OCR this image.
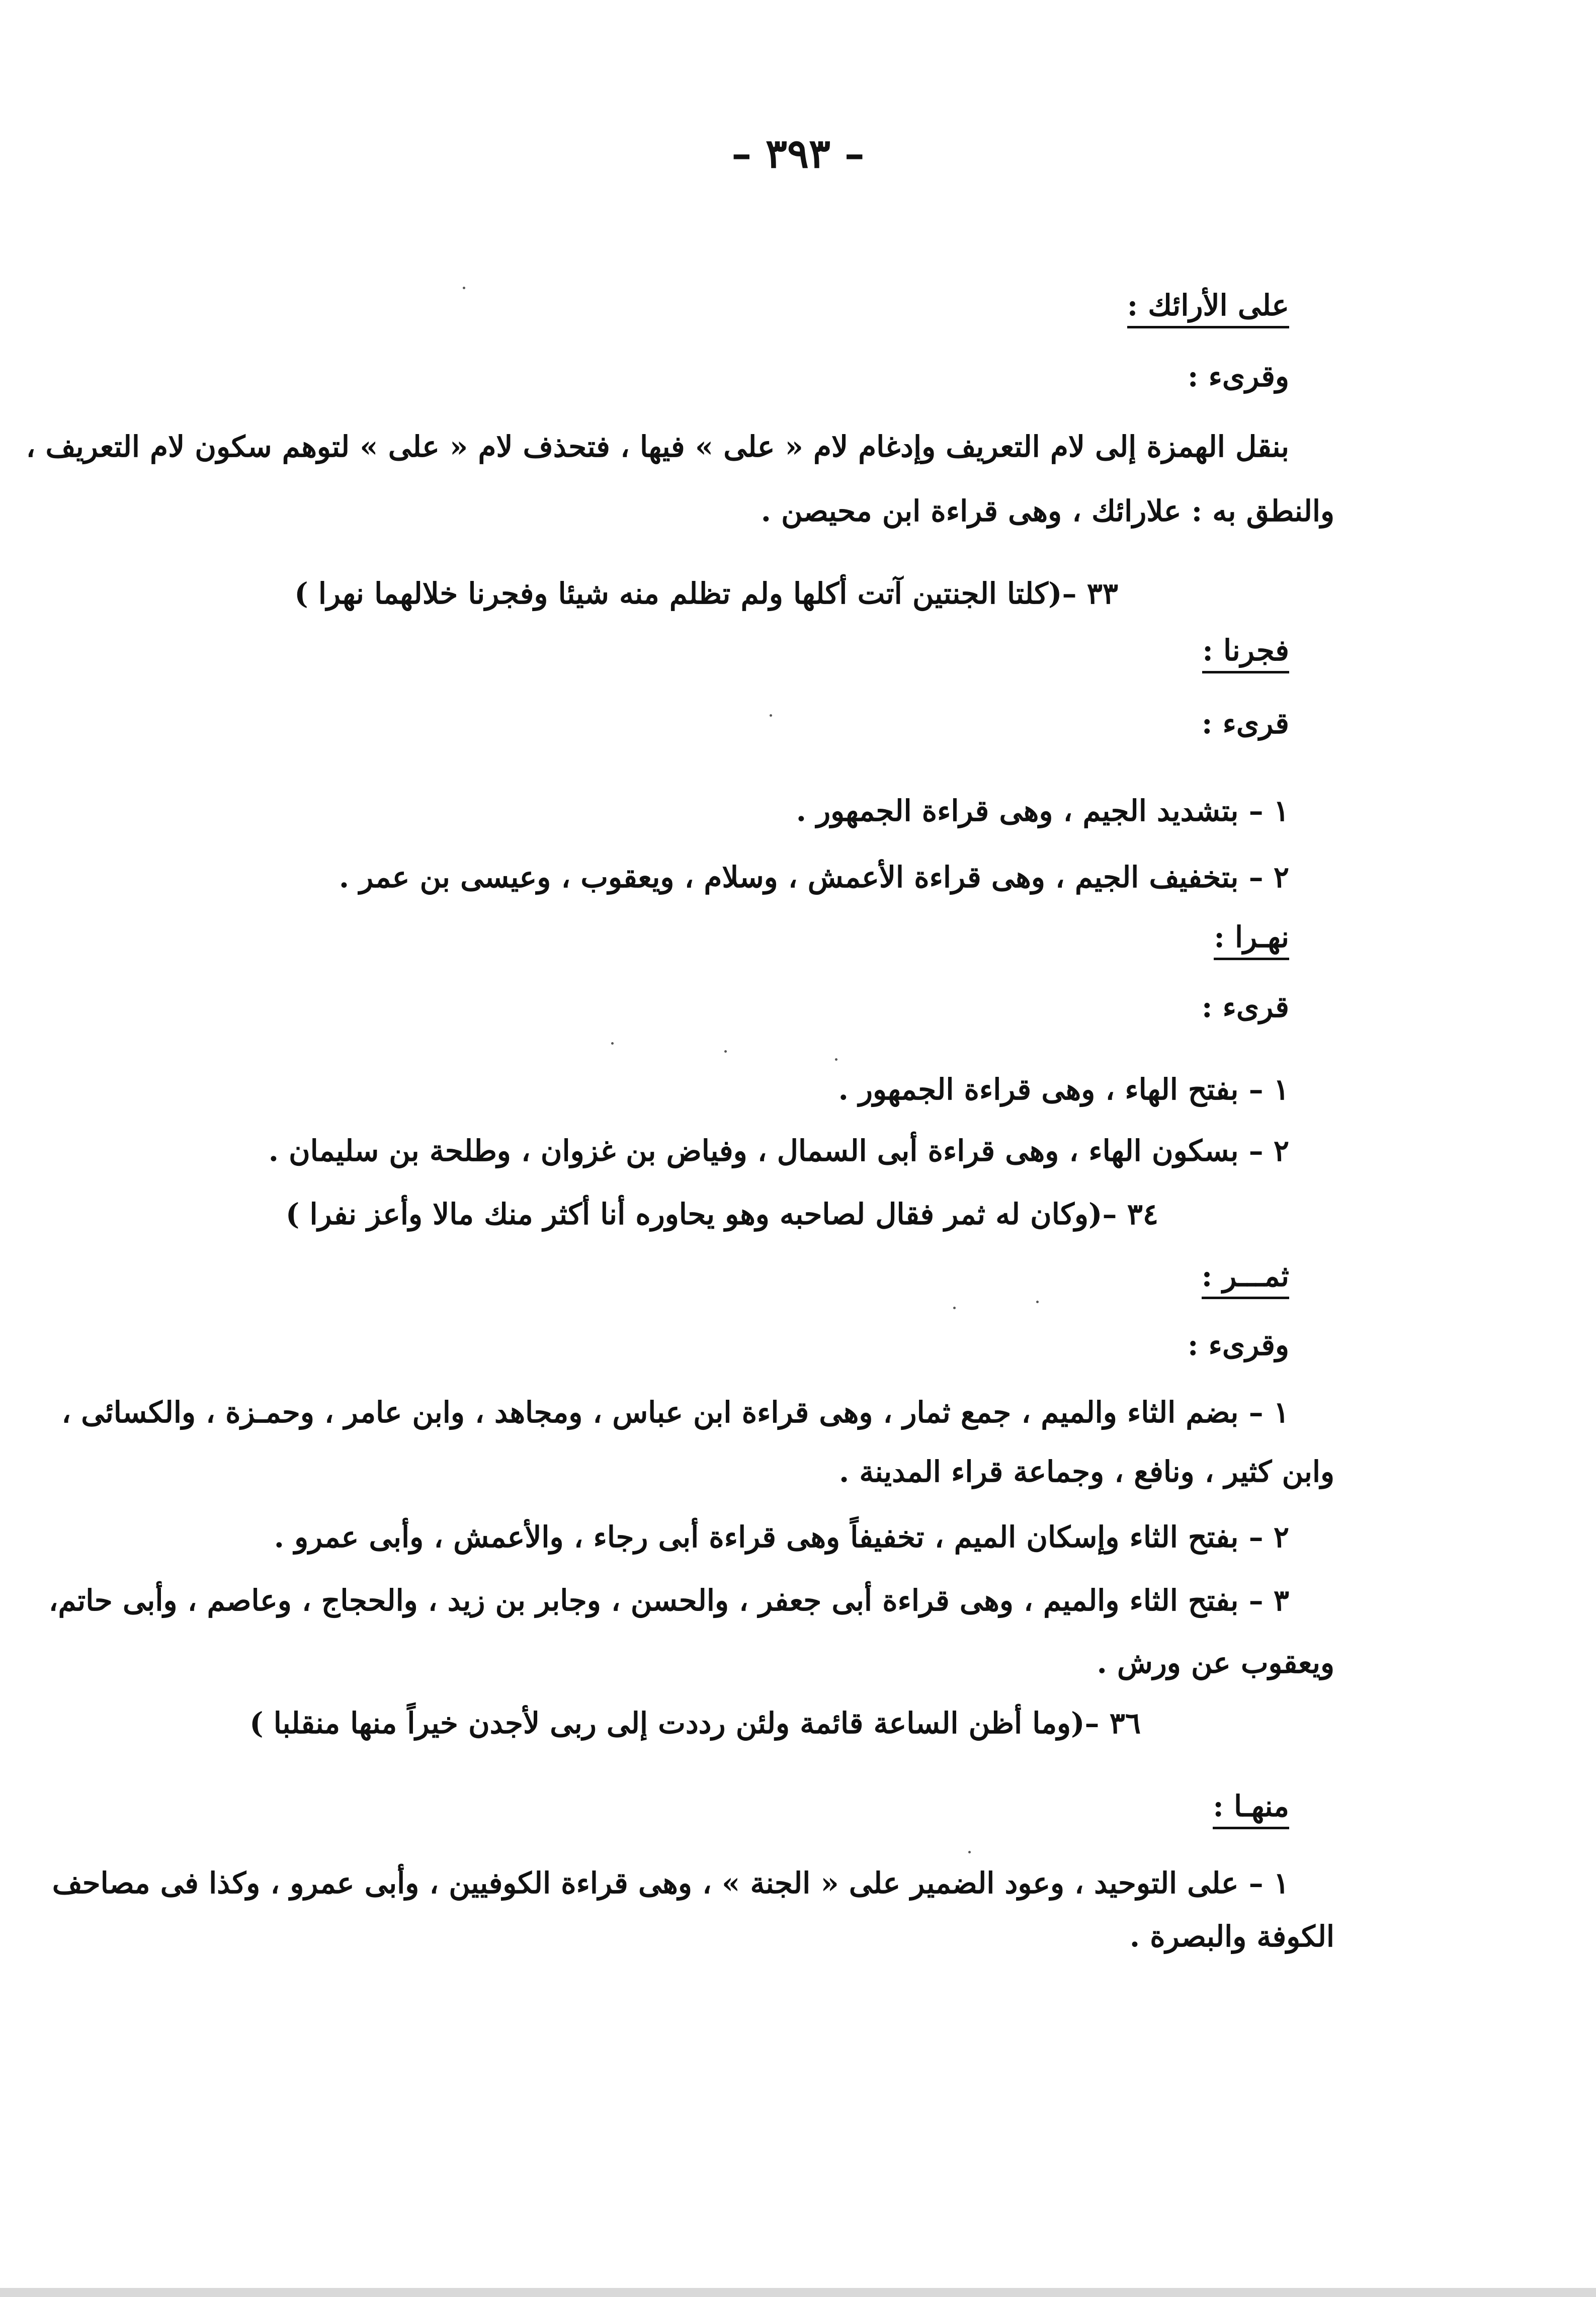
– ٣٩٣ –
على الأرائك :
وقرىء :
بنقل الهمزة إلى لام التعريف وإدغام لام « على » فيها ، فتحذف لام « على » لتوهم سكون لام التعريف ،
والنطق به : علارائك ، وهى قراءة ابن محيصن .
٣٣ –(كلتا الجنتين آتت أكلها ولم تظلم منه شيئا وفجرنا خلالهما نهرا )
فجرنا :
قرىء :
١ – بتشديد الجيم ، وهى قراءة الجمهور .
٢ – بتخفيف الجيم ، وهى قراءة الأعمش ، وسلام ، ويعقوب ، وعيسى بن عمر .
نهـرا :
قرىء :
١ – بفتح الهاء ، وهى قراءة الجمهور .
٢ – بسكون الهاء ، وهى قراءة أبى السمال ، وفياض بن غزوان ، وطلحة بن سليمان .
٣٤ –(وكان له ثمر فقال لصاحبه وهو يحاوره أنا أكثر منك مالا وأعز نفرا )
ثمـــر :
وقرىء :
١ – بضم الثاء والميم ، جمع ثمار ، وهى قراءة ابن عباس ، ومجاهد ، وابن عامر ، وحمـزة ، والكسائى ،
وابن كثير ، ونافع ، وجماعة قراء المدينة .
٢ – بفتح الثاء وإسكان الميم ، تخفيفاً وهى قراءة أبى رجاء ، والأعمش ، وأبى عمرو .
٣ – بفتح الثاء والميم ، وهى قراءة أبى جعفر ، والحسن ، وجابر بن زيد ، والحجاج ، وعاصم ، وأبى حاتم،
ويعقوب عن ورش .
٣٦ –(وما أظن الساعة قائمة ولئن رددت إلى ربى لأجدن خيراً منها منقلبا )
منهـا :
١ – على التوحيد ، وعود الضمير على « الجنة » ، وهى قراءة الكوفيين ، وأبى عمرو ، وكذا فى مصاحف
الكوفة والبصرة .
